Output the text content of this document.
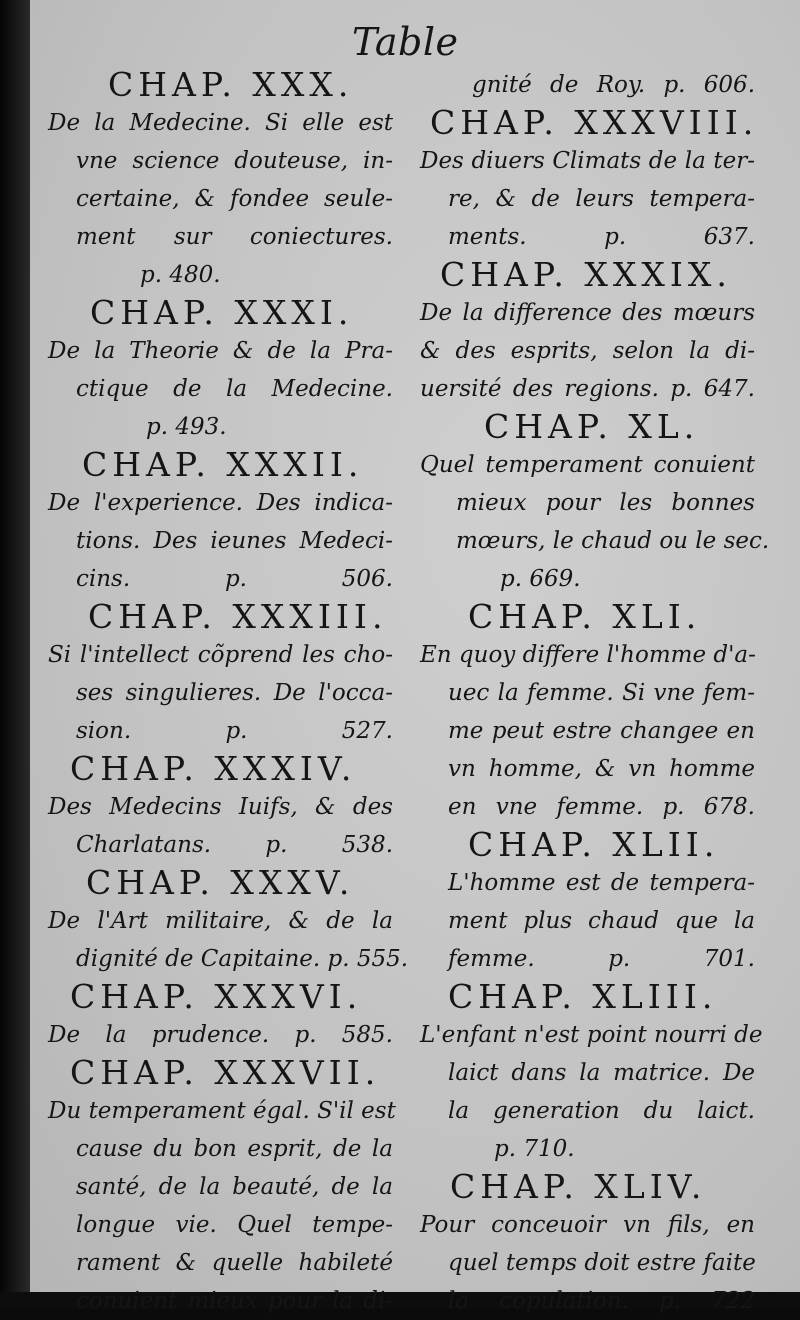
Table
CHAP. XXX.
De la Medecine. Si elle est
vne science douteuse, in-
certaine, & fondee seule-
ment sur coniectures.
p. 480.
CHAP. XXXI.
De la Theorie & de la Pra-
ctique de la Medecine.
p. 493.
CHAP. XXXII.
De l'experience. Des indica-
tions. Des ieunes Medeci-
cins. p. 506.
CHAP. XXXIII.
Si l'intellect cõprend les cho-
ses singulieres. De l'occa-
sion. p. 527.
CHAP. XXXIV.
Des Medecins Iuifs, & des
Charlatans. p. 538.
CHAP. XXXV.
De l'Art militaire, & de la
dignité de Capitaine. p. 555.
CHAP. XXXVI.
De la prudence. p. 585.
CHAP. XXXVII.
Du temperament égal. S'il est
cause du bon esprit, de la
santé, de la beauté, de la
longue vie. Quel tempe-
rament & quelle habileté
conuient mieux pour la di-
gnité de Roy. p. 606.
CHAP. XXXVIII.
Des diuers Climats de la ter-
re, & de leurs tempera-
ments. p. 637.
CHAP. XXXIX.
De la difference des mœurs
& des esprits, selon la di-
uersité des regions. p. 647.
CHAP. XL.
Quel temperament conuient
mieux pour les bonnes
mœurs, le chaud ou le sec.
p. 669.
CHAP. XLI.
En quoy differe l'homme d'a-
uec la femme. Si vne fem-
me peut estre changee en
vn homme, & vn homme
en vne femme. p. 678.
CHAP. XLII.
L'homme est de tempera-
ment plus chaud que la
femme. p. 701.
CHAP. XLIII.
L'enfant n'est point nourri de
laict dans la matrice. De
la generation du laict.
p. 710.
CHAP. XLIV.
Pour conceuoir vn fils, en
quel temps doit estre faite
la copulation. p. 722
